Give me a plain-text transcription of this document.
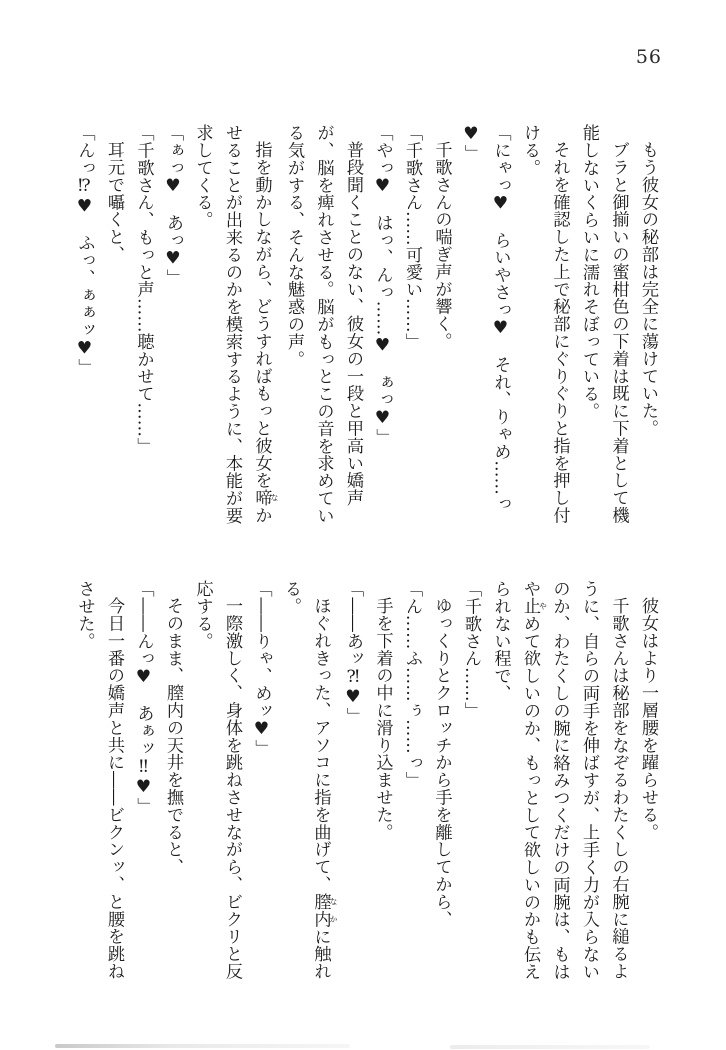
56

もう彼女の秘部は完全に蕩けていた。

ブラと御揃いの蜜柑色の下着は既に下着として機能しないくらいに濡れそぼっている。

それを確認した上で秘部にぐりぐりと指を押し付ける。

「にゃっ♥　らいやさっ♥　それ、りゃめ……っ♥」

千歌さんの喘ぎ声が響く。

「千歌さん……可愛い……」

「やっ♥　はっ、んっ……♥　ぁっ♥」

普段聞くことのない、彼女の一段と甲高い嬌声が、脳を痺れさせる。脳がもっとこの音を求めている気がする、そんな魅惑の声。

指を動かしながら、どうすればもっと彼女を啼なかせることが出来るのかを模索するように、本能が要求してくる。

「ぁっ♥　あっ♥」

「千歌さん、もっと声……聴かせて……」

耳元で囁くと、

「んっ⁉♥　ふっ、ぁぁッ♥」

彼女はより一層腰を躍らせる。

千歌さんは秘部をなぞるわたくしの右腕に縋るように、自らの両手を伸ばすが、上手く力が入らないのか、わたくしの腕に絡みつくだけの両腕は、もはや止やめて欲しいのか、もっとして欲しいのかも伝えられない程で、

「千歌さん……」

ゆっくりとクロッチから手を離してから、

「ん……ふ……ぅ……っ」

手を下着の中に滑り込ませた。

「――あッ⁈♥」

ほぐれきった、アソコに指を曲げて、膣内なかに触れる。

「――りゃ、めッ♥」

一際激しく、身体を跳ねさせながら、ビクリと反応する。

そのまま、膣内の天井を撫でると、

「――んっ♥　あぁッ‼♥」

今日一番の嬌声と共に――ビクンッ、と腰を跳ねさせた。
